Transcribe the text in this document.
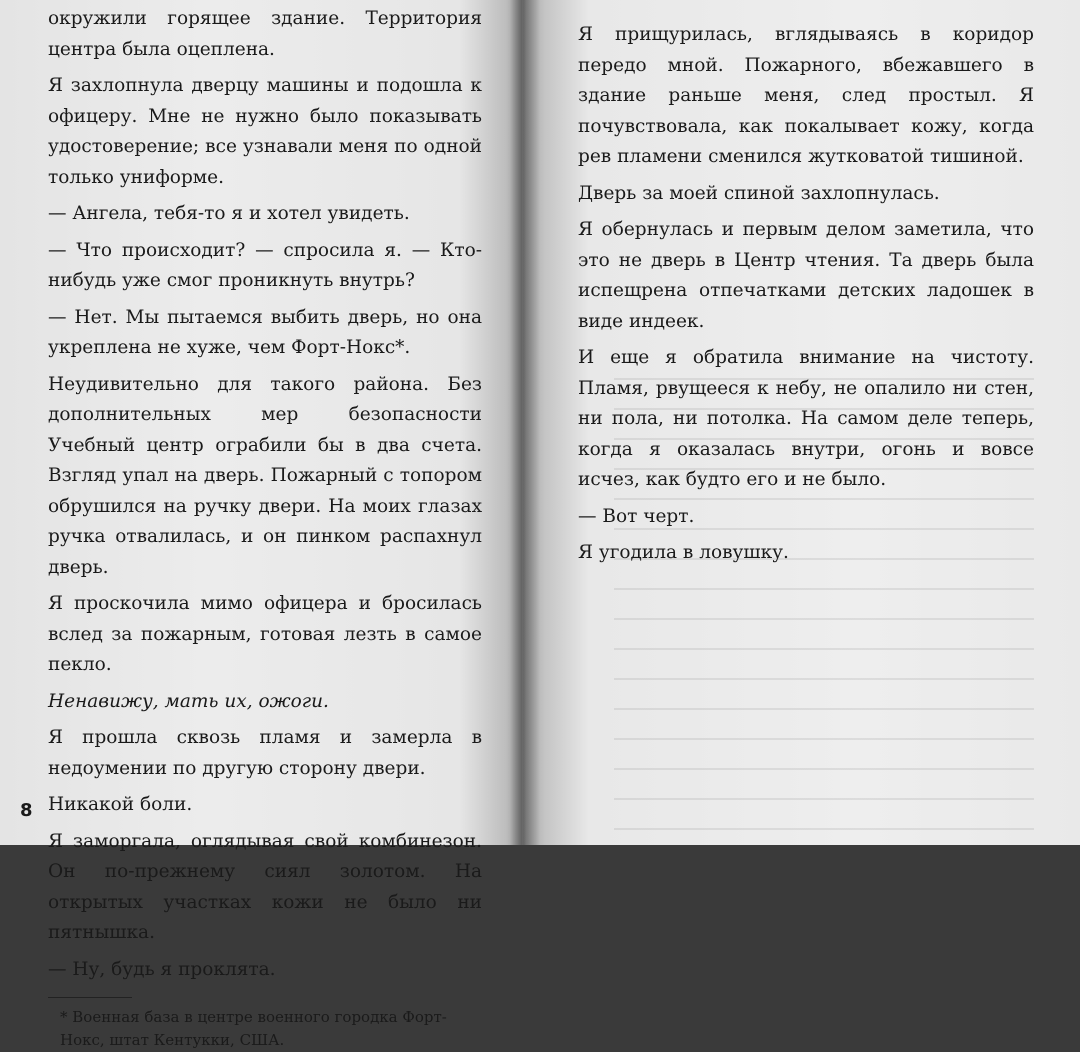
окружили горящее здание. Территория центра была оцеплена.

Я захлопнула дверцу машины и подошла к офицеру. Мне не нужно было показывать удостоверение; все узнавали меня по одной только униформе.

— Ангела, тебя-то я и хотел увидеть.

— Что происходит? — спросила я. — Кто-нибудь уже смог проникнуть внутрь?

— Нет. Мы пытаемся выбить дверь, но она укреплена не хуже, чем Форт-Нокс*.

Неудивительно для такого района. Без дополнительных мер безопасности Учебный центр ограбили бы в два счета. Взгляд упал на дверь. Пожарный с топором обрушился на ручку двери. На моих глазах ручка отвалилась, и он пинком распахнул дверь.

Я проскочила мимо офицера и бросилась вслед за пожарным, готовая лезть в самое пекло.

Ненавижу, мать их, ожоги.

Я прошла сквозь пламя и замерла в недоумении по другую сторону двери.

Никакой боли.

Я заморгала, оглядывая свой комбинезон. Он по-прежнему сиял золотом. На открытых участках кожи не было ни пятнышка.

— Ну, будь я проклята.

* Военная база в центре военного городка Форт-Нокс, штат Кентукки, США.

8

Я прищурилась, вглядываясь в коридор передо мной. Пожарного, вбежавшего в здание раньше меня, след простыл. Я почувствовала, как покалывает кожу, когда рев пламени сменился жутковатой тишиной.

Дверь за моей спиной захлопнулась.

Я обернулась и первым делом заметила, что это не дверь в Центр чтения. Та дверь была испещрена отпечатками детских ладошек в виде индеек.

И еще я обратила внимание на чистоту. Пламя, рвущееся к небу, не опалило ни стен, ни пола, ни потолка. На самом деле теперь, когда я оказалась внутри, огонь и вовсе исчез, как будто его и не было.

— Вот черт.

Я угодила в ловушку.
